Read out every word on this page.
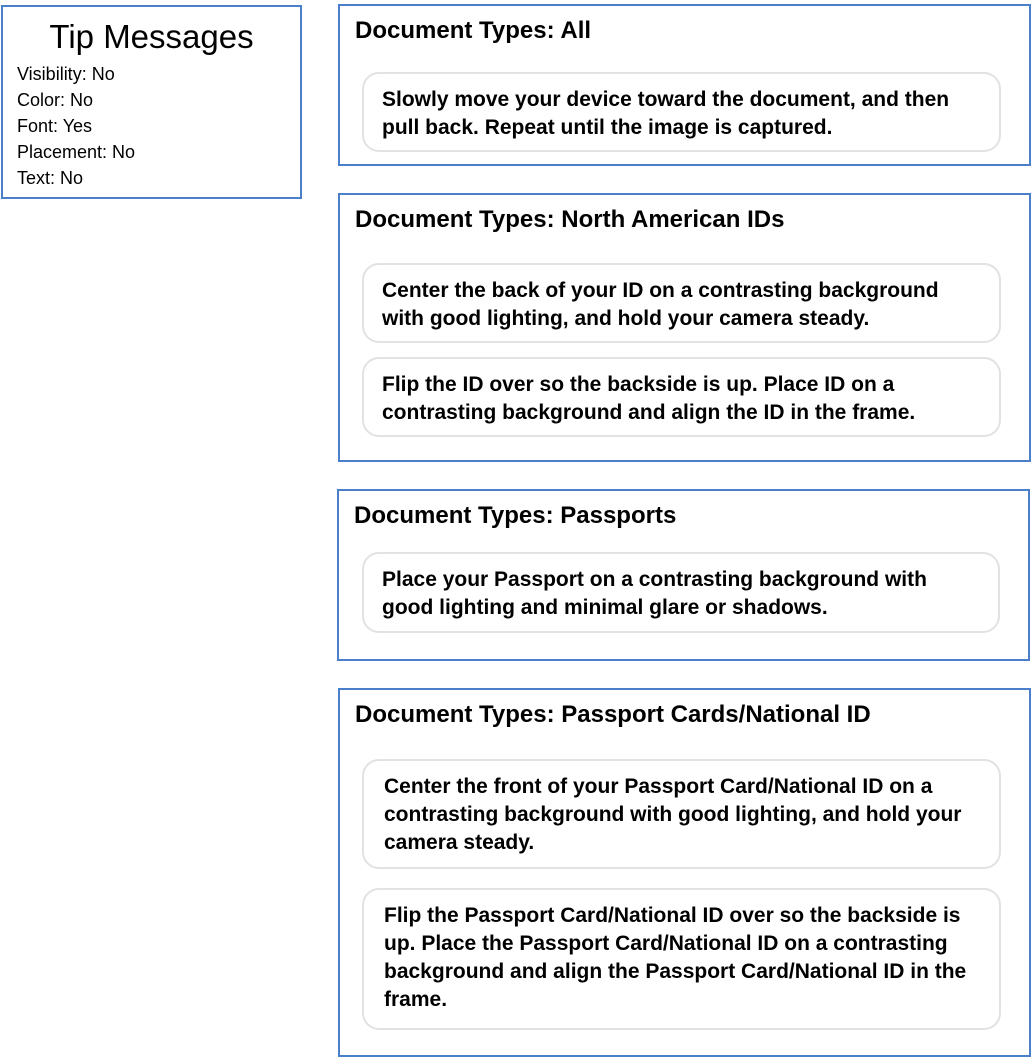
Tip Messages
Visibility: No
Color: No
Font: Yes
Placement: No
Text: No
Document Types: All
Slowly move your device toward the document, and then pull back. Repeat until the image is captured.
Document Types: North American IDs
Center the back of your ID on a contrasting background with good lighting, and hold your camera steady.
Flip the ID over so the backside is up. Place ID on a contrasting background and align the ID in the frame.
Document Types: Passports
Place your Passport on a contrasting background with good lighting and minimal glare or shadows.
Document Types: Passport Cards/National ID
Center the front of your Passport Card/National ID on a contrasting background with good lighting, and hold your camera steady.
Flip the Passport Card/National ID over so the backside is up. Place the Passport Card/National ID on a contrasting background and align the Passport Card/National ID in the frame.
